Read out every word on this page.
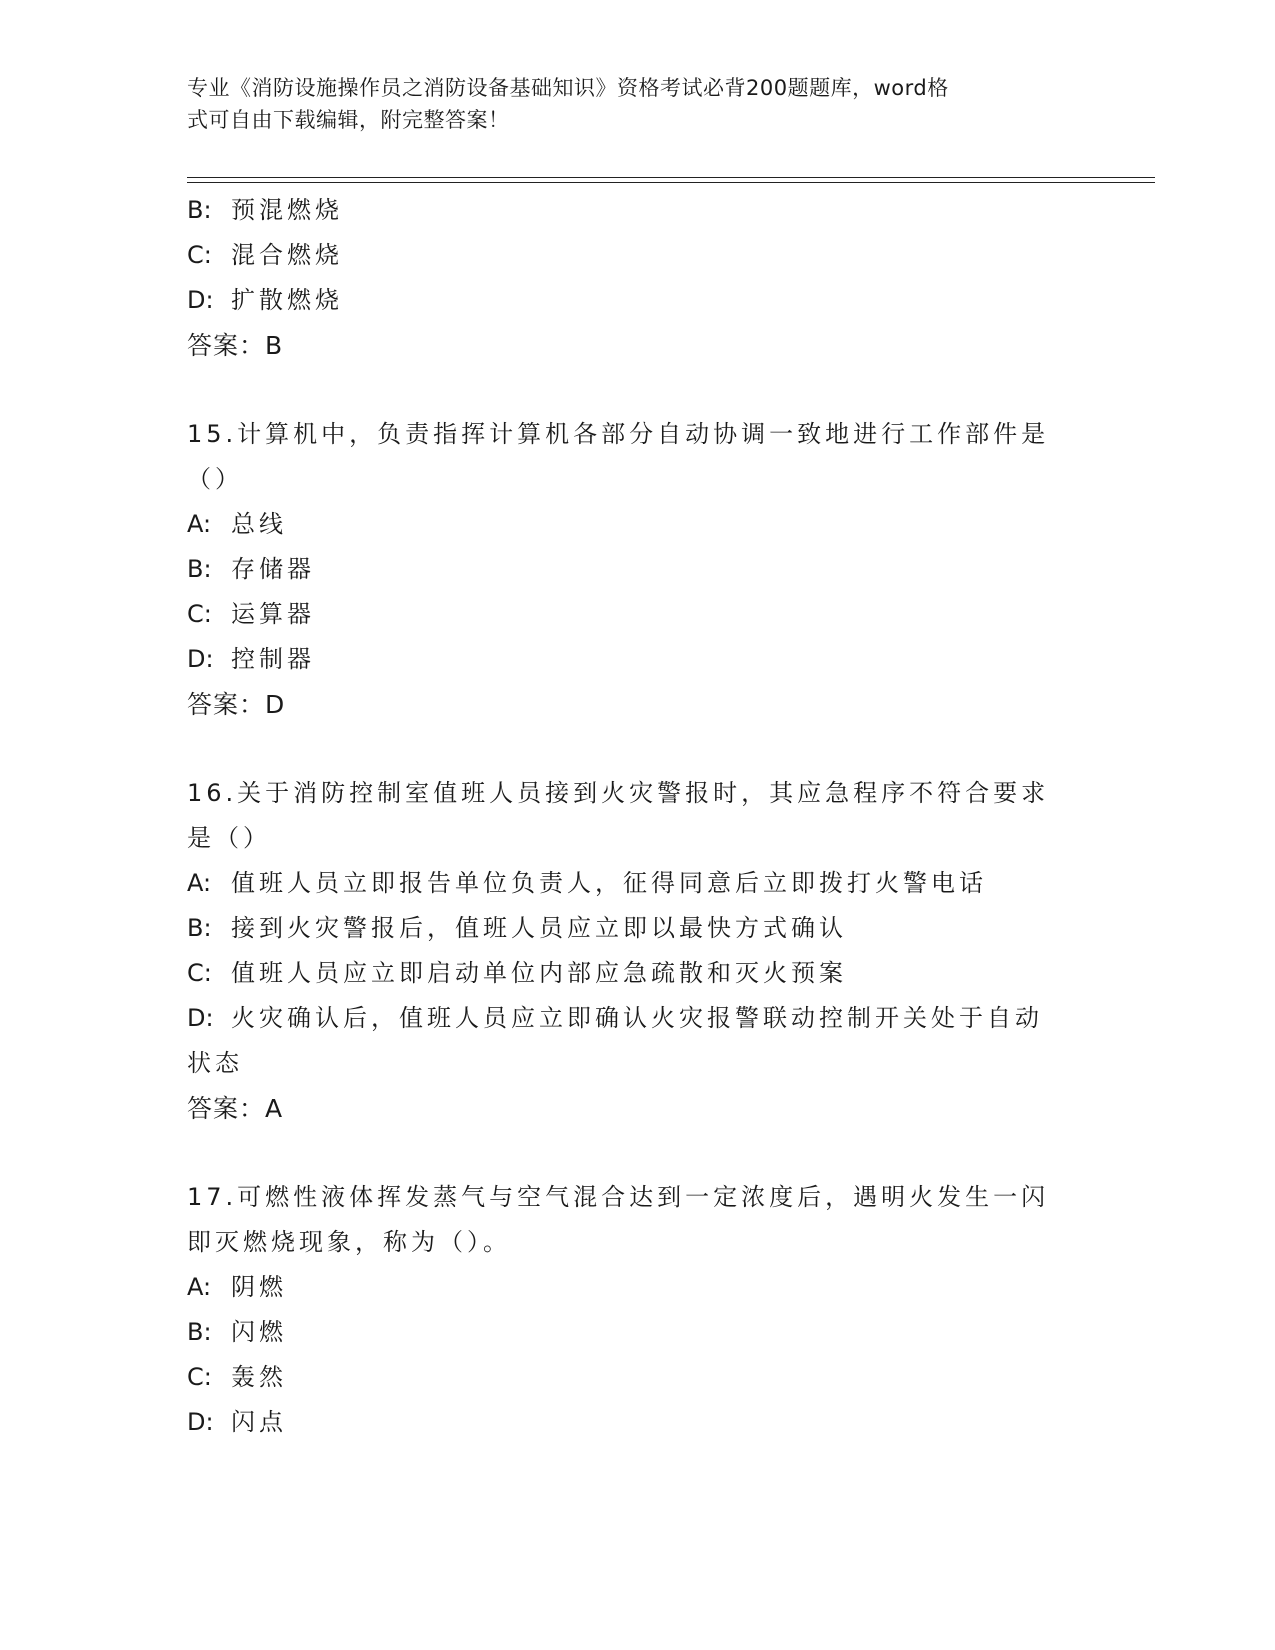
专业《消防设施操作员之消防设备基础知识》资格考试必背200题题库，word格
式可自由下载编辑，附完整答案！
B: 预混燃烧
C: 混合燃烧
D: 扩散燃烧
答案：B
15.计算机中，负责指挥计算机各部分自动协调一致地进行工作部件是
（）
A: 总线
B: 存储器
C: 运算器
D: 控制器
答案：D
16.关于消防控制室值班人员接到火灾警报时，其应急程序不符合要求
是（）
A: 值班人员立即报告单位负责人，征得同意后立即拨打火警电话
B: 接到火灾警报后，值班人员应立即以最快方式确认
C: 值班人员应立即启动单位内部应急疏散和灭火预案
D: 火灾确认后，值班人员应立即确认火灾报警联动控制开关处于自动
状态
答案：A
17.可燃性液体挥发蒸气与空气混合达到一定浓度后，遇明火发生一闪
即灭燃烧现象，称为（）。
A: 阴燃
B: 闪燃
C: 轰然
D: 闪点
